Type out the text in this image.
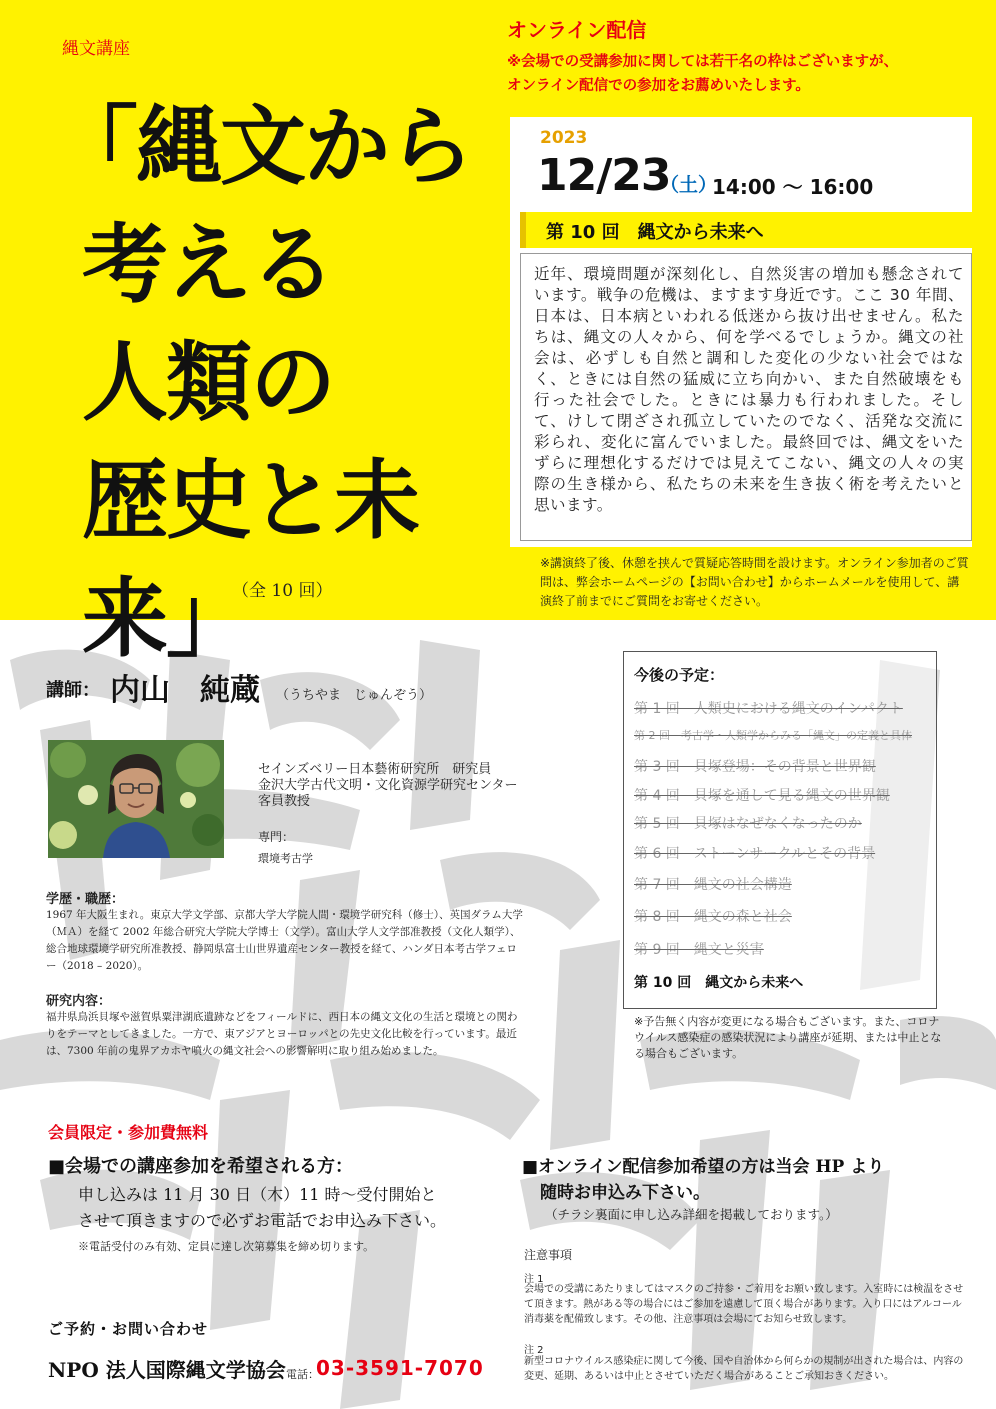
縄文講座
「縄文から
考える
人類の
歴史と未来」
（全 10 回）
オンライン配信
※会場での受講参加に関しては若干名の枠はございますが、
オンライン配信での参加をお薦めいたします。
2023
12/23
（土）
14:00 〜 16:00
第 10 回　縄文から未来へ
近年、環境問題が深刻化し、自然災害の増加も懸念されています。戦争の危機は、ますます身近です。ここ 30 年間、日本は、日本病といわれる低迷から抜け出せません。私たちは、縄文の人々から、何を学べるでしょうか。縄文の社会は、必ずしも自然と調和した変化の少ない社会ではなく、ときには自然の猛威に立ち向かい、また自然破壊をも行った社会でした。ときには暴力も行われました。そして、けして閉ざされ孤立していたのでなく、活発な交流に彩られ、変化に富んでいました。最終回では、縄文をいたずらに理想化するだけでは見えてこない、縄文の人々の実際の生き様から、私たちの未来を生き抜く術を考えたいと思います。
※講演終了後、休憩を挟んで質疑応答時間を設けます。オンライン参加者のご質問は、弊会ホームページの【お問い合わせ】からホームメールを使用して、講演終了前までにご質問をお寄せください。
講師： 内山　純蔵 （うちやま　じゅんぞう）
セインズベリー日本藝術研究所　研究員
金沢大学古代文明・文化資源学研究センター
客員教授
専門：
環境考古学
学歴・職歴：
1967 年大阪生まれ。東京大学文学部、京都大学大学院人間・環境学研究科（修士）、英国ダラム大学（ＭＡ）を経て 2002 年総合研究大学院大学博士（文学）。富山大学人文学部准教授（文化人類学）、総合地球環境学研究所准教授、静岡県富士山世界遺産センター教授を経て、ハンダ日本考古学フェロー（2018 – 2020）。
研究内容：
福井県鳥浜貝塚や滋賀県粟津湖底遺跡などをフィールドに、西日本の縄文文化の生活と環境との関わりをテーマとしてきました。一方で、東アジアとヨーロッパとの先史文化比較を行っています。最近は、7300 年前の鬼界アカホヤ噴火の縄文社会への影響解明に取り組み始めました。
今後の予定：
第 1 回　人類史における縄文のインパクト
第 2 回　考古学・人類学からみる「縄文」の定義と具体
第 3 回　貝塚登場：その背景と世界観
第 4 回　貝塚を通して見る縄文の世界観
第 5 回　貝塚はなぜなくなったのか
第 6 回　ストーンサークルとその背景
第 7 回　縄文の社会構造
第 8 回　縄文の森と社会
第 9 回　縄文と災害
第 10 回　縄文から未来へ
※予告無く内容が変更になる場合もございます。また、コロナウイルス感染症の感染状況により講座が延期、または中止となる場合もございます。
会員限定・参加費無料
■会場での講座参加を希望される方：
申し込みは 11 月 30 日（木）11 時〜受付開始と
させて頂きますので必ずお電話でお申込み下さい。
※電話受付のみ有効、定員に達し次第募集を締め切ります。
■オンライン配信参加希望の方は当会 HP より
随時お申込み下さい。
（チラシ裏面に申し込み詳細を掲載しております。）
注意事項
注 1
会場での受講にあたりましてはマスクのご持参・ご着用をお願い致します。入室時には検温をさせて頂きます。熱がある等の場合にはご参加を遠慮して頂く場合があります。入り口にはアルコール消毒薬を配備致します。その他、注意事項は会場にてお知らせ致します。
注 2
新型コロナウイルス感染症に関して今後、国や自治体から何らかの規制が出された場合は、内容の変更、延期、あるいは中止とさせていただく場合があることご承知おきください。
ご予約・お問い合わせ
NPO 法人国際縄文学協会 電話：
03-3591-7070
